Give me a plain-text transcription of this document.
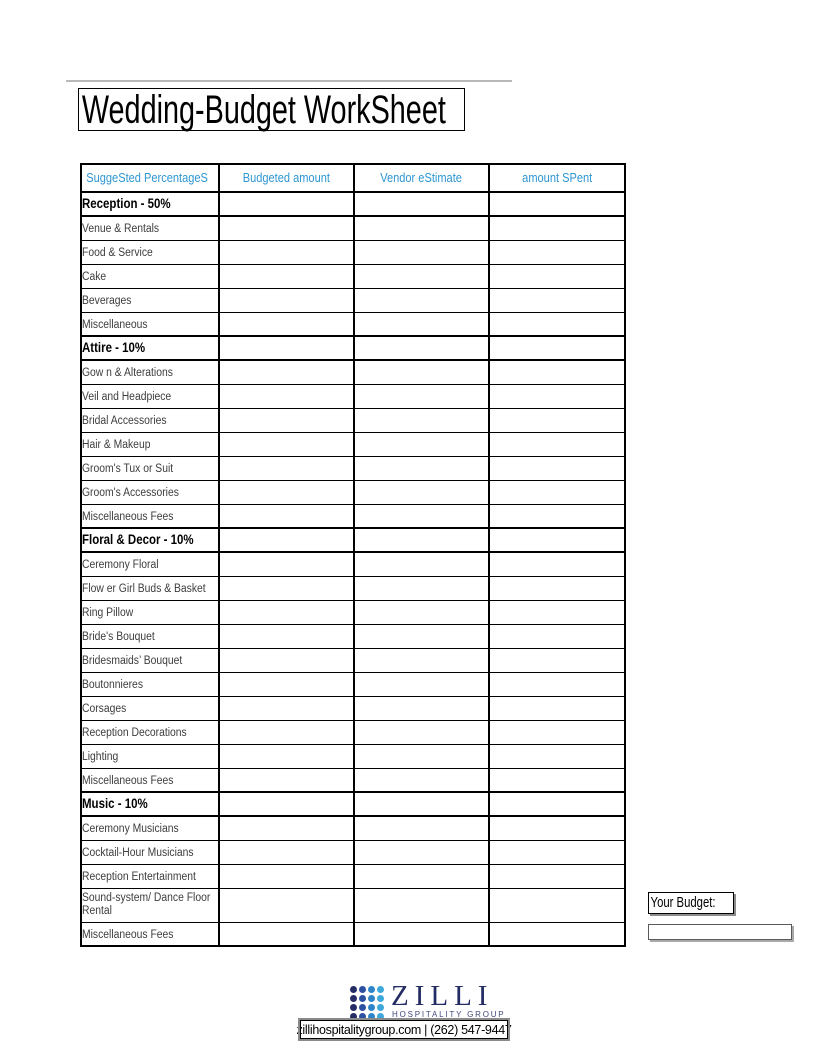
Wedding-Budget WorkSheet
SuggeSted PercentageS	Budgeted amount	Vendor eStimate	amount SPent
Reception - 50%			
Venue & Rentals			
Food & Service			
Cake			
Beverages			
Miscellaneous			
Attire - 10%			
Gow n & Alterations			
Veil and Headpiece			
Bridal Accessories			
Hair & Makeup			
Groom's Tux or Suit			
Groom's Accessories			
Miscellaneous Fees			
Floral & Decor - 10%			
Ceremony Floral			
Flow er Girl Buds & Basket			
Ring Pillow			
Bride's Bouquet			
Bridesmaids’ Bouquet			
Boutonnieres			
Corsages			
Reception Decorations			
Lighting			
Miscellaneous Fees			
Music - 10%			
Ceremony Musicians			
Cocktail-Hour Musicians			
Reception Entertainment			
Sound-system/ Dance Floor Rental			
Miscellaneous Fees			
Your Budget:
ZILLI
HOSPITALITY GROUP
zillihospitalitygroup.com | (262) 547-9447
